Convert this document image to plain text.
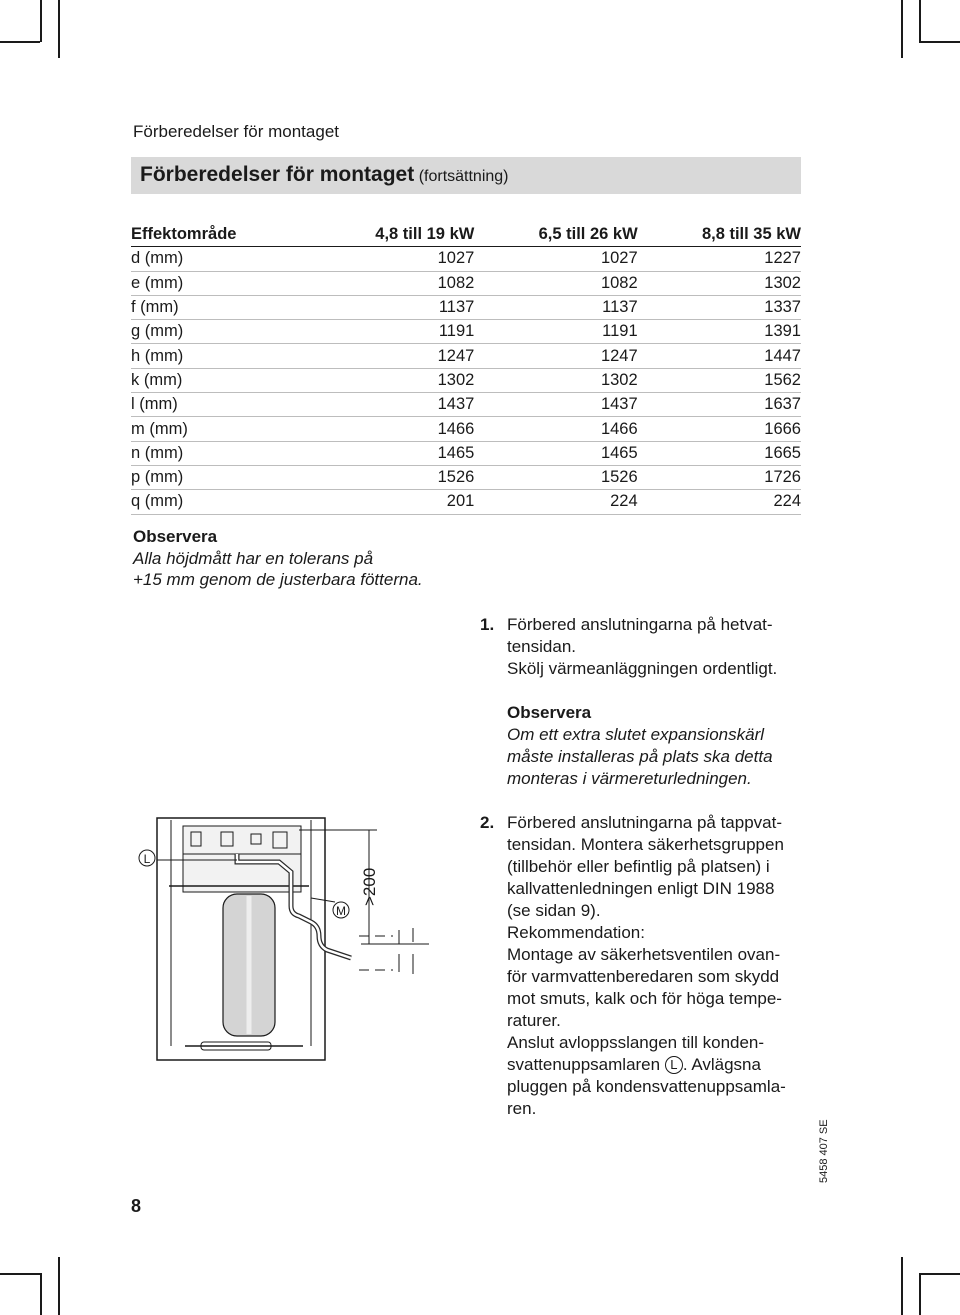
Förberedelser för montaget
Förberedelser för montaget (fortsättning)
Effektområde	4,8 till 19 kW	6,5 till 26 kW	8,8 till 35 kW
d (mm)	1027	1027	1227
e (mm)	1082	1082	1302
f (mm)	1137	1137	1337
g (mm)	1191	1191	1391
h (mm)	1247	1247	1447
k (mm)	1302	1302	1562
l (mm)	1437	1437	1637
m (mm)	1466	1466	1666
n (mm)	1465	1465	1665
p (mm)	1526	1526	1726
q (mm)	201	224	224
Observera
Alla höjdmått har en tolerans på
+15 mm genom de justerbara fötterna.
1. Förbered anslutningarna på hetvat-
tensidan.
Skölj värmeanläggningen ordentligt.
Observera
Om ett extra slutet expansionskärl
måste installeras på plats ska detta
monteras i värmereturledningen.
2. Förbered anslutningarna på tappvat-
tensidan. Montera säkerhetsgruppen
(tillbehör eller befintlig på platsen) i
kallvattenledningen enligt DIN 1988
(se sidan 9).
Rekommendation:
Montage av säkerhetsventilen ovan-
för varmvattenberedaren som skydd
mot smuts, kalk och för höga tempe-
raturer.
Anslut avloppsslangen till konden-
svattenuppsamlaren L . Avlägsna
pluggen på kondensvattenuppsamla-
ren.
L
M
>200
8
5458 407 SE
